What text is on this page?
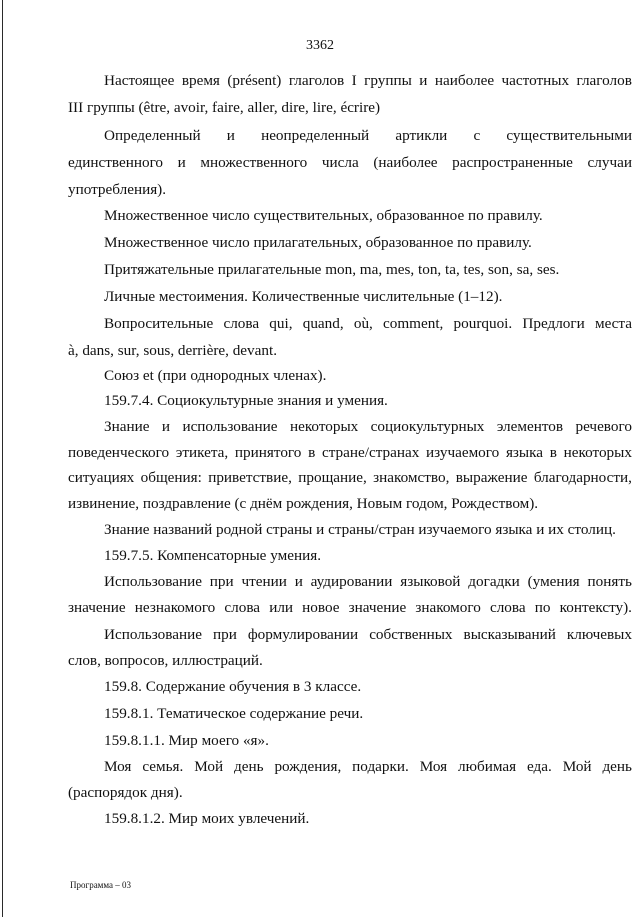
3362
Настоящее время (présent) глаголов I группы и наиболее частотных глаголов
III группы (être, avoir, faire, aller, dire, lire, écrire)
Определенный и неопределенный артикли с существительными
единственного и множественного числа (наиболее распространенные случаи
употребления).
Множественное число существительных, образованное по правилу.
Множественное число прилагательных, образованное по правилу.
Притяжательные прилагательные mon, ma, mes, ton, ta, tes, son, sa, ses.
Личные местоимения. Количественные числительные (1–12).
Вопросительные слова qui, quand, où, comment, pourquoi. Предлоги места
à, dans, sur, sous, derrière, devant.
Союз et (при однородных членах).
159.7.4. Социокультурные знания и умения.
Знание и использование некоторых социокультурных элементов речевого
поведенческого этикета, принятого в стране/странах изучаемого языка в некоторых
ситуациях общения: приветствие, прощание, знакомство, выражение благодарности,
извинение, поздравление (с днём рождения, Новым годом, Рождеством).
Знание названий родной страны и страны/стран изучаемого языка и их столиц.
159.7.5. Компенсаторные умения.
Использование при чтении и аудировании языковой догадки (умения понять
значение незнакомого слова или новое значение знакомого слова по контексту).
Использование при формулировании собственных высказываний ключевых
слов, вопросов, иллюстраций.
159.8. Содержание обучения в 3 классе.
159.8.1. Тематическое содержание речи.
159.8.1.1. Мир моего «я».
Моя семья. Мой день рождения, подарки. Моя любимая еда. Мой день
(распорядок дня).
159.8.1.2. Мир моих увлечений.
Программа – 03
